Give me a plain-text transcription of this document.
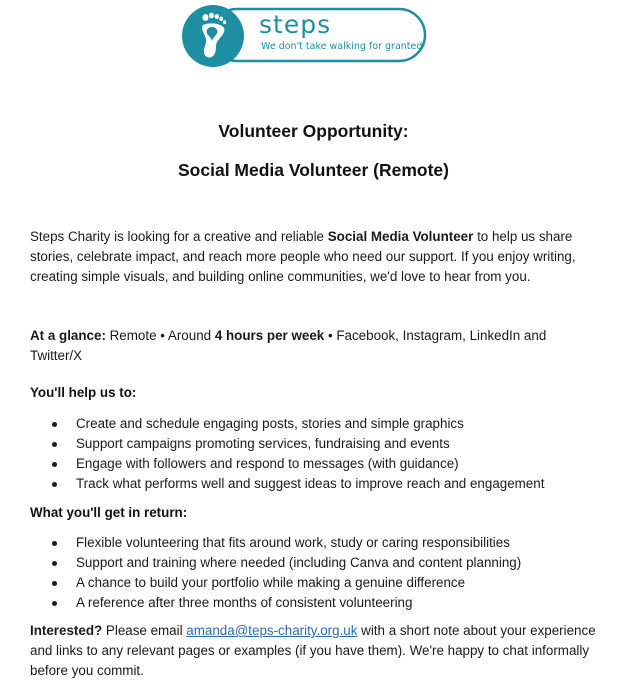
steps
We don't take walking for granted
Volunteer Opportunity:
Social Media Volunteer (Remote)

Steps Charity is looking for a creative and reliable Social Media Volunteer to help us share stories, celebrate impact, and reach more people who need our support. If you enjoy writing, creating simple visuals, and building online communities, we'd love to hear from you.

At a glance: Remote • Around 4 hours per week • Facebook, Instagram, LinkedIn and Twitter/X

You'll help us to:
Create and schedule engaging posts, stories and simple graphics
Support campaigns promoting services, fundraising and events
Engage with followers and respond to messages (with guidance)
Track what performs well and suggest ideas to improve reach and engagement
What you'll get in return:
Flexible volunteering that fits around work, study or caring responsibilities
Support and training where needed (including Canva and content planning)
A chance to build your portfolio while making a genuine difference
A reference after three months of consistent volunteering

Interested? Please email amanda@teps-charity.org.uk with a short note about your experience and links to any relevant pages or examples (if you have them). We're happy to chat informally before you commit.
